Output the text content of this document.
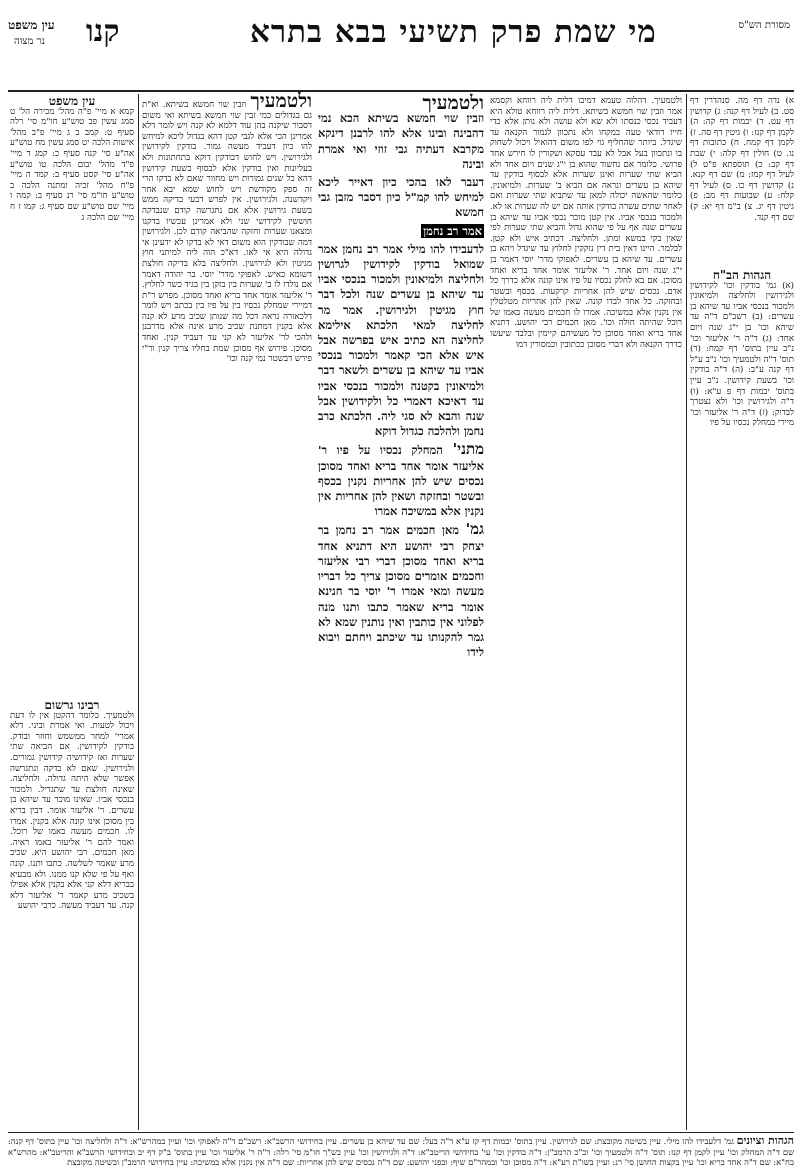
עין משפט
נר מצוה קנו	מי שמת פרק תשיעי בבא בתרא	מסורת הש"ס
עין משפט

קמא א מיי' פ"ה מהל' מכירה הל' ט סמג עשין פב טוש"ע חו"מ סי' רלה סעיף ט: קמב ב ג מיי' פ"ב מהל' אישות הלכה יט סמג עשין מח טוש"ע אה"ע סי' קנה סעיף כ: קמג ד מיי' פ"ד מהל' יבום הלכה טו טוש"ע אה"ע סי' קסט סעיף ב: קמד ה מיי' פ"ח מהל' זכיה ומתנה הלכה ב טוש"ע חו"מ סי' רנ סעיף ב: קמה ו מיי' שם טוש"ע שם סעיף ג: קמו ז ח מיי' שם הלכה ג

רבינו גרשום

ולטמעיך. כלומר דהקטן אין לו דעת ויכול לטעות. ואי אמרת וביני. דלא אמרי' למחר ממשמש וחוזר ובודק. בודקין לקידושין. אם הביאה שתי שערות ואז קידושיה קידושין גמורים. ולגירושין. שאם לא בדקה ונתגרשה אפשר שלא היתה גדולה. ולחליצה. שאינה חולצת עד שתגדיל. ולמכור בנכסי אביו. שאינו מוכר עד שיהא בן עשרים. ר' אליעזר אומר. דבין בריא בין מסוכן אינו קונה אלא בקנין. אמרו לו. חכמים מעשה באמו של רוכל. ואמר להם ר' אליעזר באמו ראיה. מאן חכמים. רבי יהושע היא. שכיב מרע שאמר לשלשה. כתבו ותנו. קונה ואף על פי שלא קנו ממנו. ולא מבעיא בבריא דלא קני אלא בקנין אלא אפילו בשכיב מרע קאמר ר' אליעזר דלא קנה. עד דעביד מעשה. כרבי יהושע

א) נדה דף מה. סנהדרין דף סט. ב) לעיל דף קנה: ג) קדושין דף עט. ד) יבמות דף קה: ה) לקמן דף קנז: ו) גיטין דף סה. ז) לקמן דף קמח. ח) כתובות דף נו. ט) חולין דף קלה: י) שבת דף קב: כ) תוספתא פ"ט ל) לעיל דף קמז: מ) שם דף קנא. נ) קדושין דף כו. ס) לעיל דף קלח: ע) שבועות דף מב: פ) גיטין דף יג. צ) ב"מ דף יא: ק) שם דף קנד.

הגהות הב"ח

(א) גמ' בודקין וכו' לקידושין ולגירושין ולחליצה ולמיאונין ולמכור בנכסי אביו עד שיהא בן עשרים: (ב) רשב"ם ד"ה עד שיהא וכו' בן י"ג שנה ויום אחד: (ג) ד"ה ר' אליעזר וכו' נ"ב עיין בתוס' דף קמח: (ד) תוס' ד"ה ולטמעיך וכו' נ"ב ע"ל דף קנה ע"ב: (ה) ד"ה בודקין וכו' בשעת קידושין. נ"ב עיין בתוס' יבמות דף פ ע"א: (ו) ד"ה ולגירושין וכו' ולא נצטרך לבדוק: (ז) ד"ה ר' אליעזר וכו' מיירי במחלק נכסיו על פיו

ולטמעיך וזבין שוי חמשא בשיתא. וא"ת גם בגדולים כמי זבין שוי חמשא בשיתא ואי משום דסבור שיקנה בהן עוד דלמא לא קנה ויש לומר דלא אמרינן הכי אלא לגבי קטן דהא בגדול ליכא למיחש להו כיון דעביד מעשה גמור. בודקין לקידושין ולגירושין. ויש לחוש דבודקין דוקא בתחתונות ולא בעליונות ואין בודקין אלא לבסוף בשעת קידושין דהא כל שנים גמורות ויש מחוור שאם לא בדקו הרי זה ספק מקודשת ויש לחוש שמא יבא אחר ויקדשנה. ולגירושין. אין לפרש דבעי בדיקה ממש בשעת גירושין אלא אם נתגרשה קודם שנבדקה חוששין לקידושי שני ולא אמרינן עכשיו בדקנו ומצאנו שערות וחזקה שהביאה קודם לכן. ולגירושין דמה שבודקין הוא משום דאי לא בדקו לא ידעינן אי גדולה היא אי לאו. דא"כ הוה ליה למיתני חוץ מגיטין ולא לגירושין. ולחליצה בלא בדיקה חולצת דשומא כאיש. לאפוקי מדר' יוסי. בר יהודה דאמר אם נולדו לו ב' שערות בין בזקן בין בגיד כשר לחלוץ. ר' אליעזר אומר אחד בריא ואחד מסוכן. מפרש ר"ת דמיירי שמחלק נכסיו בין על פיו בין בכתב ויש לומר דלכאורה נראה דכל מה שנותן שכיב מרע לא קנה אלא בקנין דמתנת שכיב מרע אינה אלא מדרבנן ולהכי לר' אליעזר לא קני עד דעביד קנין. ואחד מסוכן. פירוש אף מסוכן שמת בחליו צריך קנין ור"י פירש דבשטר נמי קנה וכו'
ולטמעיך. דהלוה טעמא דמיבו דלית ליה רווחא וקסמא אמר וזבין שוי חמשא בשיתא. דלית ליה רווחא טולא היא דעביד נכסי כנסתו ולא שא ולא עושה ולא נותן אלא כדי חייו דודאי טעה במקחו ולא נתכוון לגמור הקנאה עד שיגדל. ביותר שהחליף גוי לפו משום דהואיל ויכול לשחוק בו ונתכוון בעל אבל לא עבד עסקא ושקורין לו חירש אחד פרושי. כלומר אם נחשוד שהוא בן י"ג שנים ויום אחד ולא הביא שתי שערות ואינן שערות אלא לבסוף בודקין עד שיהא בן עשרים ונראה אם הביא ב' שערות. ולמיאונין. כלומר שהאשה יכולה למאן עד שתביא שתי שערות ואם לאחר שתים עשרה בודקין אותה אם יש לה שערות או לא. ולמכור בנכסי אביו. אין קטן מוכר נכסי אביו עד שיהא בן עשרים שנה אף על פי שהוא גדול והביא שתי שערות לפי שאין בקי במשא ומתן. ולחליצה. דכתיב איש ולא קטן. לבלמר. היינו דאין בית דין נזקקין לחלוץ עד שיגדל ויהא בן עשרים. עד שיהא בן עשרים. לאפוקי מדר' יוסי דאמר בן י"ג שנה ויום אחד. ר' אליעזר אומר אחד בריא ואחד מסוכן. אם בא לחלק נכסיו על פיו אינו קונה אלא כדרך כל אדם. נכסים שיש להן אחריות קרקעות. בכסף ובשטר ובחזקה. כל אחד לבדו קונה. שאין להן אחריות מטלטלין אין נקנין אלא במשיכה. אמרו לו חכמים מעשה באמו של רוכל שהיתה חולה וכו'. מאן חכמים רבי יהושע. דתניא אחד בריא ואחד מסוכן כל מעשיהם קיימין ובלבד שיעשו כדרך הקנאה ולא דברי מסוכן ככתובין וכמסורין דמו
ולטמעיך

וזבין שוי חמשא בשיתא הכא נמי דהבינה ובינו אלא להו לרבנן דינקא מקרבא דעתיה גבי זוזי ואי אמרת ובינה

דעבר לאו בהכי כיון דאייר ליכא למיחש להו קמ"ל כיון דסבר מזבן גבי חמשא

אמר רב נחמן

לדעבידו להו מילי אמר רב נחמן אמר שמואל בודקין לקידושין לגרושין ולחליצה ולמיאונין ולמכור בנכסי אביו עד שיהא בן עשרים שנה ולכל דבר חוץ מגיטין ולגירושין. אמר מר לחליצה למאי הלכתא אילימא לחליצה הא כתיב איש בפרשה אבל איש אלא הכי קאמר ולמכור בנכסי אביו עד שיהא בן עשרים ולשאר דבר ולמיאונין בקטנה ולמכור בנכסי אביו עד דאיכא דאמרי כל ולקידושין אבל שנה והבא לא סגי ליה. הלכתא כרב נחמן ולהלכה כגדול דוקא

מתני' המחלק נכסיו על פיו ר' אליעזר אומר אחד בריא ואחד מסוכן נכסים שיש להן אחריות נקנין בכסף ובשטר ובחזקה ושאין להן אחריות אין נקנין אלא במשיכה אמרו

גמ' מאן חכמים אמר רב נחמן בר יצחק רבי יהושע היא דתניא אחד בריא ואחד מסוכן דברי רבי אליעזר וחכמים אומרים מסוכן צריך כל דבריו מעשה ומאי אמרו ר' יוסי בר חנינא אומר בריא שאמר כתבו ותנו מנה לפלוני אין כותבין ואין נותנין שמא לא גמר להקנותו עד שיכתב ויחתם ויבוא לידו

הגהות וציונים גמ' דלעבידו להו מילי. עיין בשיטה מקובצת: שם לגירושין. עיין בתוס' יבמות דף קז ע"א ד"ה בעל: שם עד שיהא בן עשרים. עיין בחידושי הרשב"א: רשב"ם ד"ה לאפוקי וכו' ועיין במהרש"א: ד"ה ולחליצה וכו' עיין בתוס' דף קנה: שם ד"ה המחלק וכו' עיין לקמן דף קנז: תוס' ד"ה ולטמעיך וכו' וכ"כ הרמב"ן: ד"ה בודקין וכו' עי' בחידושי הריטב"א: ד"ה ולגירושין וכו' עיין בש"ך חו"מ סי' רלה: ד"ה ר' אליעזר וכו' עיין בתוס' ב"ק דף יב ובחידושי הרשב"א והריטב"א: מהרש"א בח"א: שם ד"ה אחד בריא וכו' עיין בקצות החושן סי' רנ: ועיין בשו"ת רע"א: ד"ה מסוכן וכו' ובמהר"ם שיף: ובפני יהושע: שם ד"ה נכסים שיש להן אחריות: שם ד"ה אין נקנין אלא במשיכה: עיין בחידושי הרמב"ן ובשיטה מקובצת
